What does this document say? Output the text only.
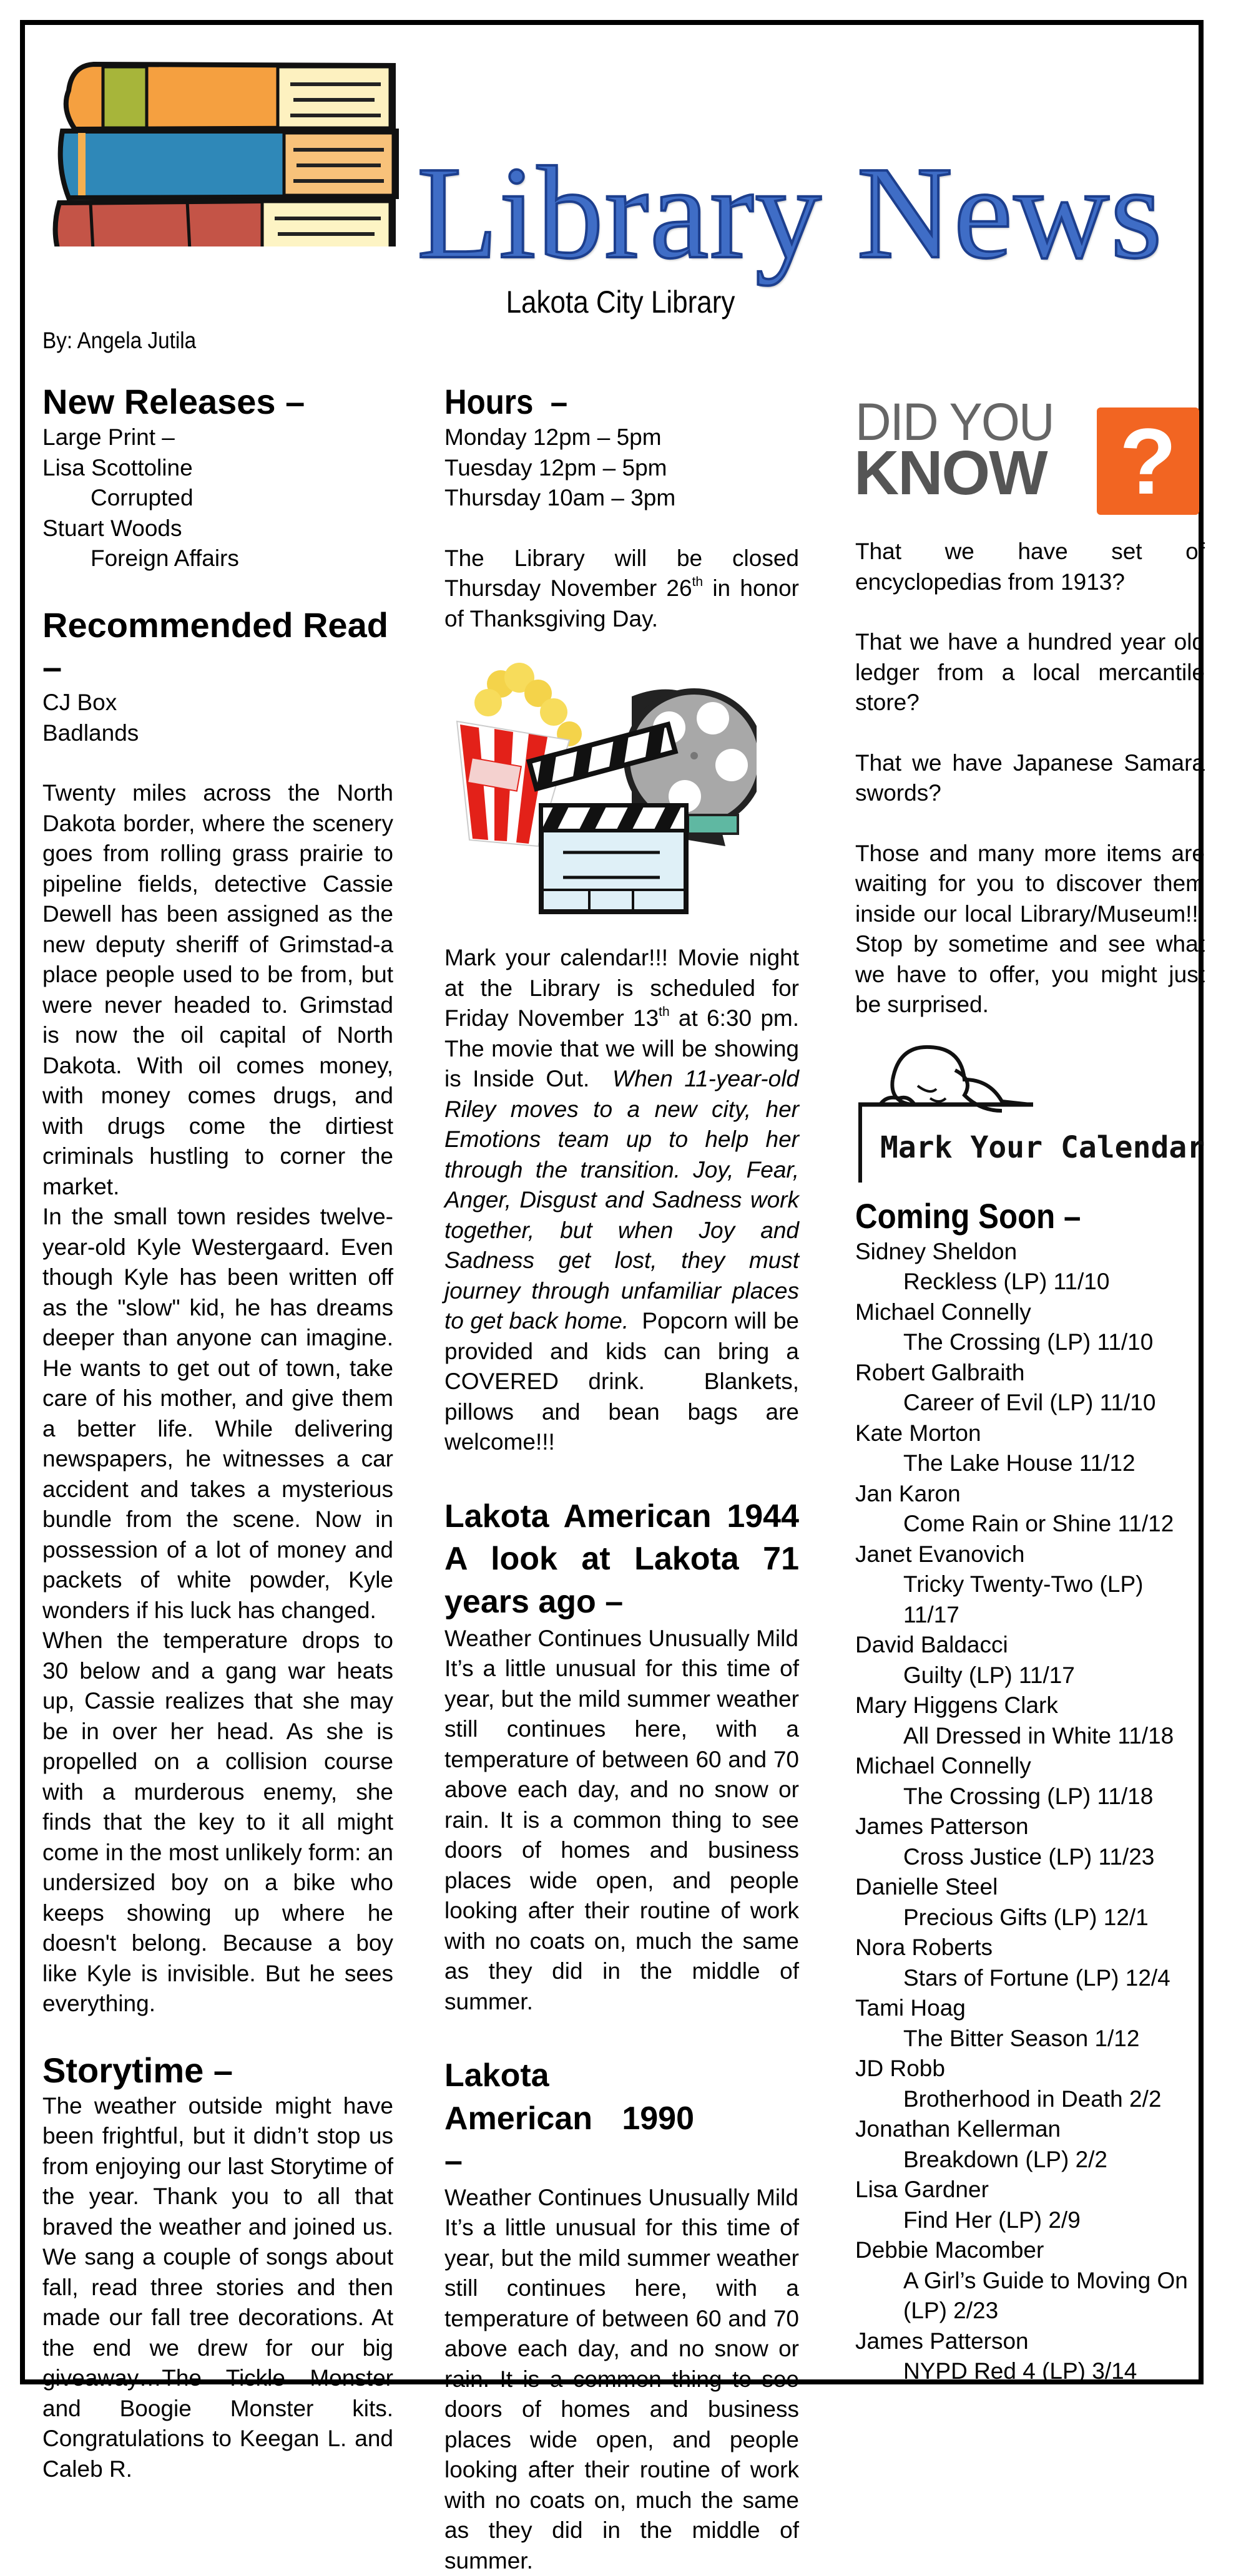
Library News
Lakota City Library
By: Angela Jutila
New Releases –
Large Print –
Lisa Scottoline
Corrupted
Stuart Woods
Foreign Affairs
Recommended Read –
CJ Box
Badlands

Twenty miles across the North Dakota border, where the scenery goes from rolling grass prairie to pipeline fields, detective Cassie Dewell has been assigned as the new deputy sheriff of Grimstad-a place people used to be from, but were never headed to. Grimstad is now the oil capital of North Dakota. With oil comes money, with money comes drugs, and with drugs come the dirtiest criminals hustling to corner the market.

In the small town resides twelve-year-old Kyle Westergaard. Even though Kyle has been written off as the "slow" kid, he has dreams deeper than anyone can imagine. He wants to get out of town, take care of his mother, and give them a better life. While delivering newspapers, he witnesses a car accident and takes a mysterious bundle from the scene. Now in possession of a lot of money and packets of white powder, Kyle wonders if his luck has changed.

When the temperature drops to 30 below and a gang war heats up, Cassie realizes that she may be in over her head. As she is propelled on a collision course with a murderous enemy, she finds that the key to it all might come in the most unlikely form: an undersized boy on a bike who keeps showing up where he doesn't belong. Because a boy like Kyle is invisible. But he sees everything.

Storytime –

The weather outside might have been frightful, but it didn’t stop us from enjoying our last Storytime of the year. Thank you to all that braved the weather and joined us. We sang a couple of songs about fall, read three stories and then made our fall tree decorations. At the end we drew for our big giveaway…The Tickle Monster and Boogie Monster kits. Congratulations to Keegan L. and Caleb R.

Hours  –
Monday 12pm – 5pm
Tuesday 12pm – 5pm
Thursday 10am – 3pm

The Library will be closed Thursday November 26th in honor of Thanksgiving Day.

Mark your calendar!!! Movie night at the Library is scheduled for Friday November 13th at 6:30 pm.   The movie that we will be showing is Inside Out.  When 11-year-old Riley moves to a new city, her Emotions team up to help her through the transition. Joy, Fear, Anger, Disgust and Sadness work together, but when Joy and Sadness get lost, they must journey through unfamiliar places to get back home.  Popcorn will be provided and kids can bring a COVERED drink.  Blankets, pillows and bean bags are welcome!!!

Lakota American 1944 A look at Lakota 71 years ago –
Weather Continues Unusually Mild

It’s a little unusual for this time of year, but the mild summer weather still continues here, with a temperature of between 60 and 70 above each day, and no snow or rain. It is a common thing to see doors of homes and business places wide open, and people looking after their routine of work with no coats on, much the same as they did in the middle of summer.

Lakota American 1990 –
Weather Continues Unusually Mild

It’s a little unusual for this time of year, but the mild summer weather still continues here, with a temperature of between 60 and 70 above each day, and no snow or rain. It is a common thing to see doors of homes and business places wide open, and people looking after their routine of work with no coats on, much the same as they did in the middle of summer.

DID YOU
KNOW ?

That we have set of encyclopedias from 1913?

That we have a hundred year old ledger from a local mercantile store?

That we have Japanese Samara swords?

Those and many more items are waiting for you to discover them inside our local Library/Museum!!! Stop by sometime and see what we have to offer, you might just be surprised.

Mark Your Calendar
Coming Soon –
Sidney Sheldon
Reckless (LP) 11/10
Michael Connelly
The Crossing (LP) 11/10
Robert Galbraith
Career of Evil (LP) 11/10
Kate Morton
The Lake House 11/12
Jan Karon
Come Rain or Shine 11/12
Janet Evanovich
Tricky Twenty-Two (LP) 11/17
David Baldacci
Guilty (LP) 11/17
Mary Higgens Clark
All Dressed in White 11/18
Michael Connelly
The Crossing (LP) 11/18
James Patterson
Cross Justice (LP) 11/23
Danielle Steel
Precious Gifts (LP) 12/1
Nora Roberts
Stars of Fortune (LP) 12/4
Tami Hoag
The Bitter Season 1/12
JD Robb
Brotherhood in Death 2/2
Jonathan Kellerman
Breakdown (LP) 2/2
Lisa Gardner
Find Her (LP) 2/9
Debbie Macomber
A Girl’s Guide to Moving On (LP) 2/23
James Patterson
NYPD Red 4 (LP) 3/14
